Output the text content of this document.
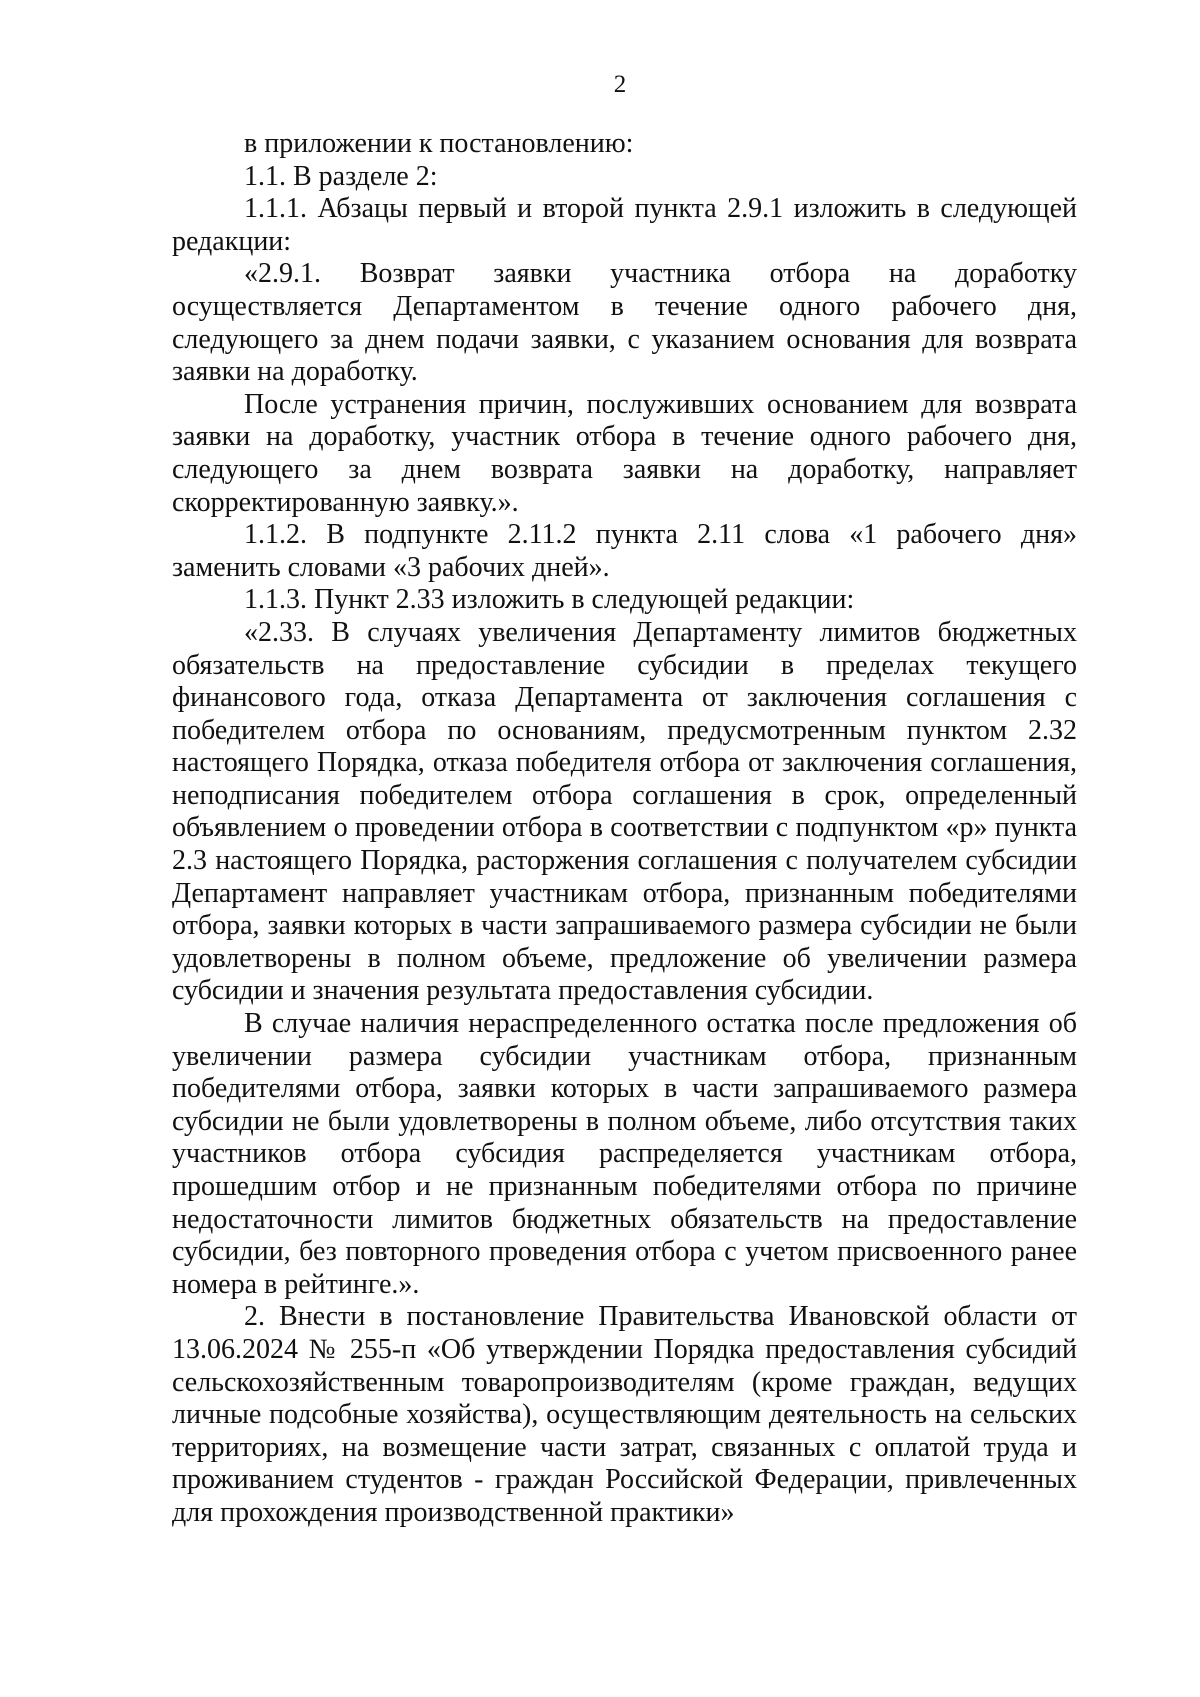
2

в приложении к постановлению:

1.1. В разделе 2:

1.1.1. Абзацы первый и второй пункта 2.9.1 изложить в следующей редакции:

«2.9.1. Возврат заявки участника отбора на доработку осуществляется Департаментом в течение одного рабочего дня, следующего за днем подачи заявки, с указанием основания для возврата заявки на доработку.

После устранения причин, послуживших основанием для возврата заявки на доработку, участник отбора в течение одного рабочего дня, следующего за днем возврата заявки на доработку, направляет скорректированную заявку.».

1.1.2. В подпункте 2.11.2 пункта 2.11 слова «1 рабочего дня» заменить словами «3 рабочих дней».

1.1.3. Пункт 2.33 изложить в следующей редакции:

«2.33. В случаях увеличения Департаменту лимитов бюджетных обязательств на предоставление субсидии в пределах текущего финансового года, отказа Департамента от заключения соглашения с победителем отбора по основаниям, предусмотренным пунктом 2.32 настоящего Порядка, отказа победителя отбора от заключения соглашения, неподписания победителем отбора соглашения в срок, определенный объявлением о проведении отбора в соответствии с подпунктом «р» пункта 2.3 настоящего Порядка, расторжения соглашения с получателем субсидии Департамент направляет участникам отбора, признанным победителями отбора, заявки которых в части запрашиваемого размера субсидии не были удовлетворены в полном объеме, предложение об увеличении размера субсидии и значения результата предоставления субсидии.

В случае наличия нераспределенного остатка после предложения об увеличении размера субсидии участникам отбора, признанным победителями отбора, заявки которых в части запрашиваемого размера субсидии не были удовлетворены в полном объеме, либо отсутствия таких участников отбора субсидия распределяется участникам отбора, прошедшим отбор и не признанным победителями отбора по причине недостаточности лимитов бюджетных обязательств на предоставление субсидии, без повторного проведения отбора с учетом присвоенного ранее номера в рейтинге.».

2. Внести в постановление Правительства Ивановской области от 13.06.2024 № 255-п «Об утверждении Порядка предоставления субсидий сельскохозяйственным товаропроизводителям (кроме граждан, ведущих личные подсобные хозяйства), осуществляющим деятельность на сельских территориях, на возмещение части затрат, связанных с оплатой труда и проживанием студентов - граждан Российской Федерации, привлеченных для прохождения производственной практики»
